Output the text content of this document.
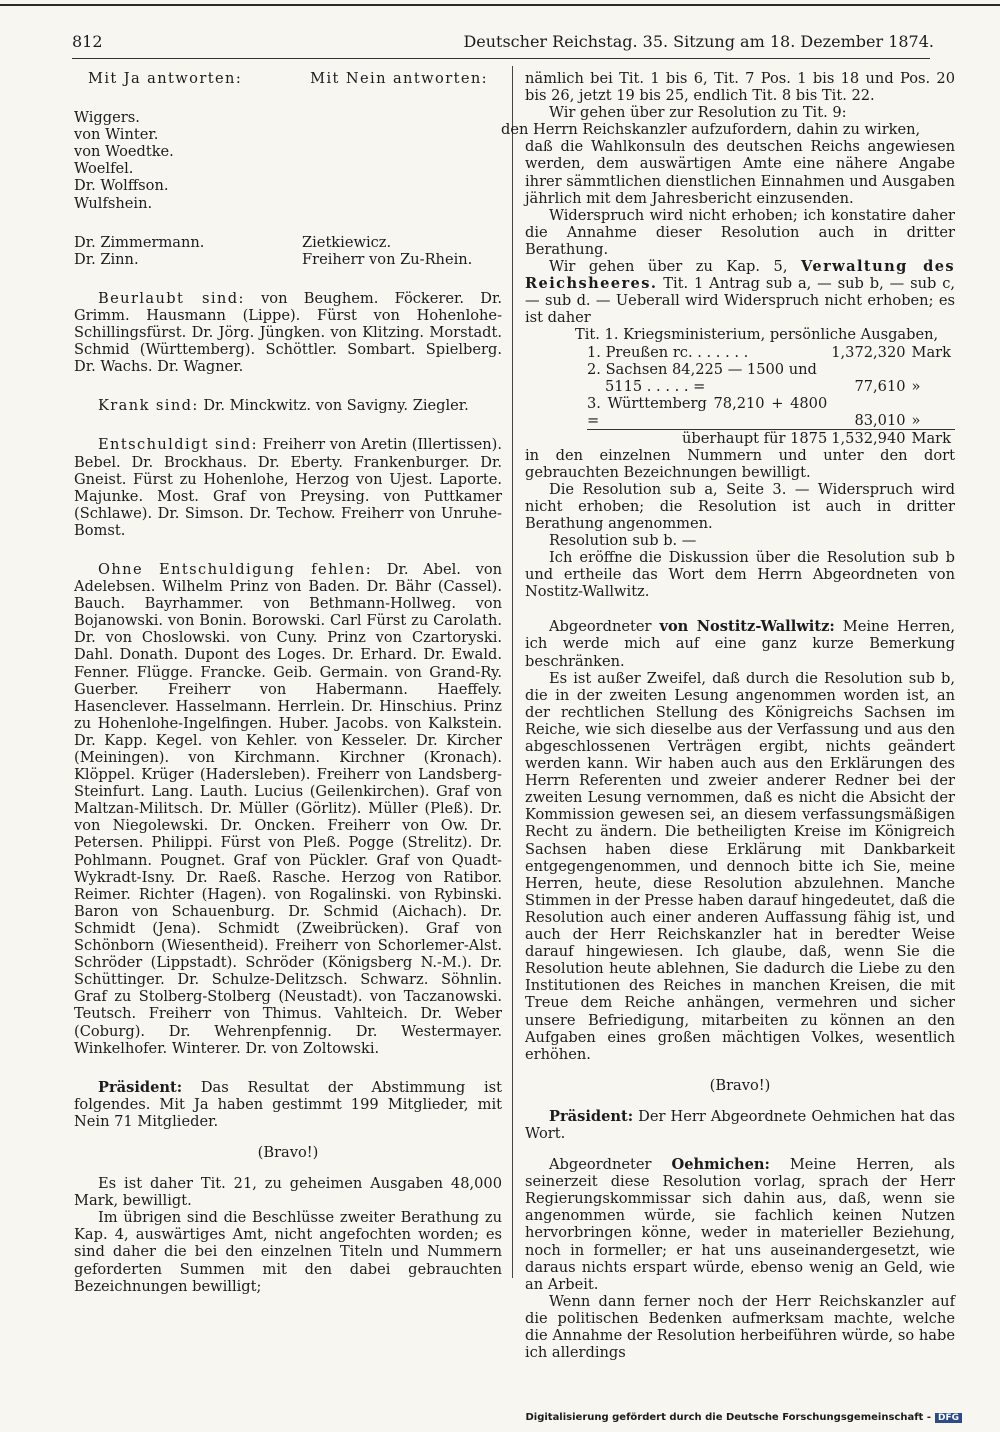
812	Deutscher Reichstag. 35. Sitzung am 18. Dezember 1874.
Mit Ja antworten:	Mit Nein antworten:

Wiggers.

von Winter.

von Woedtke.

Woelfel.

Dr. Wolffson.

Wulfshein.

Dr. Zimmermann.	Zietkiewicz.
Dr. Zinn.	Freiherr von Zu-Rhein.

Beurlaubt sind: von Beughem. Föckerer. Dr. Grimm. Hausmann (Lippe). Fürst von Hohenlohe-Schillingsfürst. Dr. Jörg. Jüngken. von Klitzing. Morstadt. Schmid (Württemberg). Schöttler. Sombart. Spielberg. Dr. Wachs. Dr. Wagner.

Krank sind: Dr. Minckwitz. von Savigny. Ziegler.

Entschuldigt sind: Freiherr von Aretin (Illertissen). Bebel. Dr. Brockhaus. Dr. Eberty. Frankenburger. Dr. Gneist. Fürst zu Hohenlohe, Herzog von Ujest. Laporte. Majunke. Most. Graf von Preysing. von Puttkamer (Schlawe). Dr. Simson. Dr. Techow. Freiherr von Unruhe-Bomst.

Ohne Entschuldigung fehlen: Dr. Abel. von Adelebsen. Wilhelm Prinz von Baden. Dr. Bähr (Cassel). Bauch. Bayrhammer. von Bethmann-Hollweg. von Bojanowski. von Bonin. Borowski. Carl Fürst zu Carolath. Dr. von Choslowski. von Cuny. Prinz von Czartoryski. Dahl. Donath. Dupont des Loges. Dr. Erhard. Dr. Ewald. Fenner. Flügge. Francke. Geib. Germain. von Grand-Ry. Guerber. Freiherr von Habermann. Haeffely. Hasenclever. Hasselmann. Herrlein. Dr. Hinschius. Prinz zu Hohenlohe-Ingelfingen. Huber. Jacobs. von Kalkstein. Dr. Kapp. Kegel. von Kehler. von Kesseler. Dr. Kircher (Meiningen). von Kirchmann. Kirchner (Kronach). Klöppel. Krüger (Hadersleben). Freiherr von Landsberg-Steinfurt. Lang. Lauth. Lucius (Geilenkirchen). Graf von Maltzan-Militsch. Dr. Müller (Görlitz). Müller (Pleß). Dr. von Niegolewski. Dr. Oncken. Freiherr von Ow. Dr. Petersen. Philippi. Fürst von Pleß. Pogge (Strelitz). Dr. Pohlmann. Pougnet. Graf von Pückler. Graf von Quadt-Wykradt-Isny. Dr. Raeß. Rasche. Herzog von Ratibor. Reimer. Richter (Hagen). von Rogalinski. von Rybinski. Baron von Schauenburg. Dr. Schmid (Aichach). Dr. Schmidt (Jena). Schmidt (Zweibrücken). Graf von Schönborn (Wiesentheid). Freiherr von Schorlemer-Alst. Schröder (Lippstadt). Schröder (Königsberg N.-M.). Dr. Schüttinger. Dr. Schulze-Delitzsch. Schwarz. Söhnlin. Graf zu Stolberg-Stolberg (Neustadt). von Taczanowski. Teutsch. Freiherr von Thimus. Vahlteich. Dr. Weber (Coburg). Dr. Wehrenpfennig. Dr. Westermayer. Winkelhofer. Winterer. Dr. von Zoltowski.

Präsident: Das Resultat der Abstimmung ist folgendes. Mit Ja haben gestimmt 199 Mitglieder, mit Nein 71 Mitglieder.

(Bravo!)

Es ist daher Tit. 21, zu geheimen Ausgaben 48,000 Mark, bewilligt.

Im übrigen sind die Beschlüsse zweiter Berathung zu Kap. 4, auswärtiges Amt, nicht angefochten worden; es sind daher die bei den einzelnen Titeln und Nummern geforderten Summen mit den dabei gebrauchten Bezeichnungen bewilligt;

nämlich bei Tit. 1 bis 6, Tit. 7 Pos. 1 bis 18 und Pos. 20 bis 26, jetzt 19 bis 25, endlich Tit. 8 bis Tit. 22.

Wir gehen über zur Resolution zu Tit. 9:

den Herrn Reichskanzler aufzufordern, dahin zu wirken,

daß die Wahlkonsuln des deutschen Reichs angewiesen werden, dem auswärtigen Amte eine nähere Angabe ihrer sämmtlichen dienstlichen Einnahmen und Ausgaben jährlich mit dem Jahresbericht einzusenden.

Widerspruch wird nicht erhoben; ich konstatire daher die Annahme dieser Resolution auch in dritter Berathung.

Wir gehen über zu Kap. 5, Verwaltung des Reichsheeres. Tit. 1 Antrag sub a, — sub b, — sub c, — sub d. — Ueberall wird Widerspruch nicht erhoben; es ist daher

Tit. 1. Kriegsministerium, persönliche Ausgaben,

1. Preußen rc. . . . . . .	1,372,320	Mark
2. Sachsen 84,225 — 1500 und		
5115 . . . . . =	77,610	»
3. Württemberg 78,210 + 4800 =	83,010	»
überhaupt für 1875	1,532,940	Mark

in den einzelnen Nummern und unter den dort gebrauchten Bezeichnungen bewilligt.

Die Resolution sub a, Seite 3. — Widerspruch wird nicht erhoben; die Resolution ist auch in dritter Berathung angenommen.

Resolution sub b. —

Ich eröffne die Diskussion über die Resolution sub b und ertheile das Wort dem Herrn Abgeordneten von Nostitz-Wallwitz.

Abgeordneter von Nostitz-Wallwitz: Meine Herren, ich werde mich auf eine ganz kurze Bemerkung beschränken.

Es ist außer Zweifel, daß durch die Resolution sub b, die in der zweiten Lesung angenommen worden ist, an der rechtlichen Stellung des Königreichs Sachsen im Reiche, wie sich dieselbe aus der Verfassung und aus den abgeschlossenen Verträgen ergibt, nichts geändert werden kann. Wir haben auch aus den Erklärungen des Herrn Referenten und zweier anderer Redner bei der zweiten Lesung vernommen, daß es nicht die Absicht der Kommission gewesen sei, an diesem verfassungsmäßigen Recht zu ändern. Die betheiligten Kreise im Königreich Sachsen haben diese Erklärung mit Dankbarkeit entgegengenommen, und dennoch bitte ich Sie, meine Herren, heute, diese Resolution abzulehnen. Manche Stimmen in der Presse haben darauf hingedeutet, daß die Resolution auch einer anderen Auffassung fähig ist, und auch der Herr Reichskanzler hat in beredter Weise darauf hingewiesen. Ich glaube, daß, wenn Sie die Resolution heute ablehnen, Sie dadurch die Liebe zu den Institutionen des Reiches in manchen Kreisen, die mit Treue dem Reiche anhängen, vermehren und sicher unsere Befriedigung, mitarbeiten zu können an den Aufgaben eines großen mächtigen Volkes, wesentlich erhöhen.

(Bravo!)

Präsident: Der Herr Abgeordnete Oehmichen hat das Wort.

Abgeordneter Oehmichen: Meine Herren, als seinerzeit diese Resolution vorlag, sprach der Herr Regierungskommissar sich dahin aus, daß, wenn sie angenommen würde, sie fachlich keinen Nutzen hervorbringen könne, weder in materieller Beziehung, noch in formeller; er hat uns auseinandergesetzt, wie daraus nichts erspart würde, ebenso wenig an Geld, wie an Arbeit.

Wenn dann ferner noch der Herr Reichskanzler auf die politischen Bedenken aufmerksam machte, welche die Annahme der Resolution herbeiführen würde, so habe ich allerdings

Digitalisierung gefördert durch die Deutsche Forschungsgemeinschaft - DFG
